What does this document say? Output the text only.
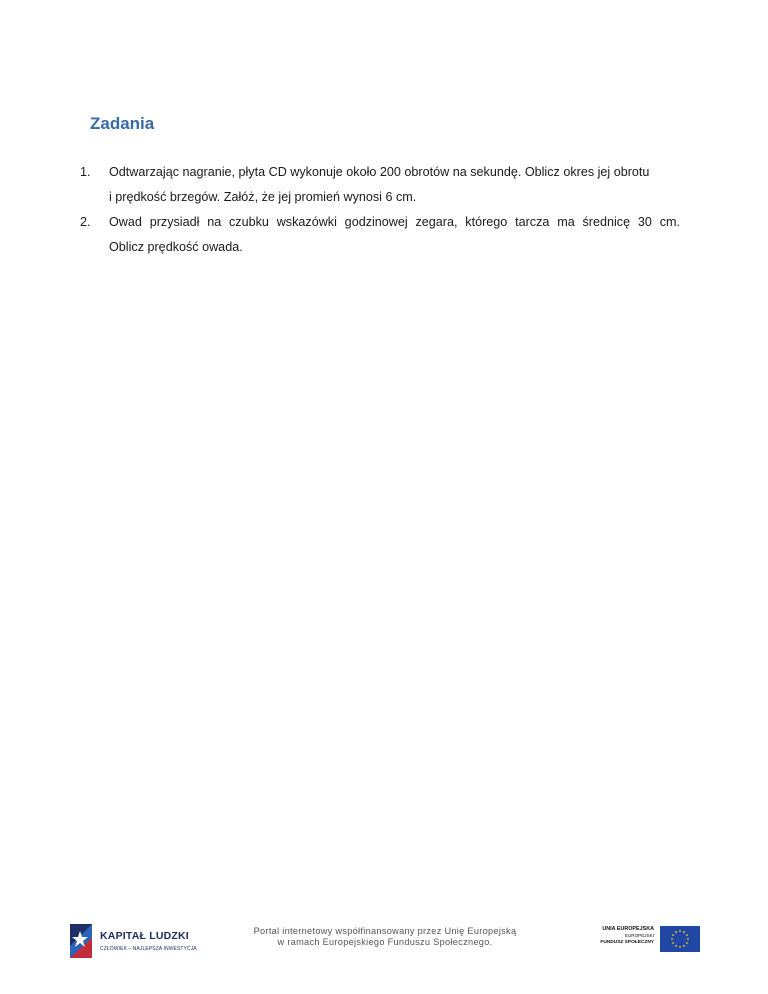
Zadania
1. Odtwarzając nagranie, płyta CD wykonuje około 200 obrotów na sekundę. Oblicz okres jej obrotu
i prędkość brzegów. Załóż, że jej promień wynosi 6 cm.
2. Owad przysiadł na czubku wskazówki godzinowej zegara, którego tarcza ma średnicę 30 cm.
Oblicz prędkość owada.
KAPITAŁ LUDZKI
CZŁOWIEK – NAJLEPSZA INWESTYCJA
Portal internetowy współfinansowany przez Unię Europejską
w ramach Europejskiego Funduszu Społecznego.
UNIA EUROPEJSKA
EUROPEJSKI
FUNDUSZ SPOŁECZNY
